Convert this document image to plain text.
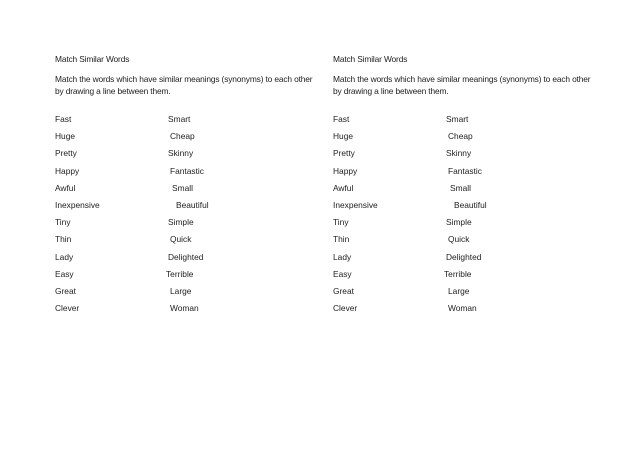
Match Similar Words
Match the words which have similar meanings (synonyms) to each other by drawing a line between them.
Fast	Smart
Huge	Cheap
Pretty	Skinny
Happy	Fantastic
Awful	Small
Inexpensive	Beautiful
Tiny	Simple
Thin	Quick
Lady	Delighted
Easy	Terrible
Great	Large
Clever	Woman
Match Similar Words
Match the words which have similar meanings (synonyms) to each other by drawing a line between them.
Fast	Smart
Huge	Cheap
Pretty	Skinny
Happy	Fantastic
Awful	Small
Inexpensive	Beautiful
Tiny	Simple
Thin	Quick
Lady	Delighted
Easy	Terrible
Great	Large
Clever	Woman
